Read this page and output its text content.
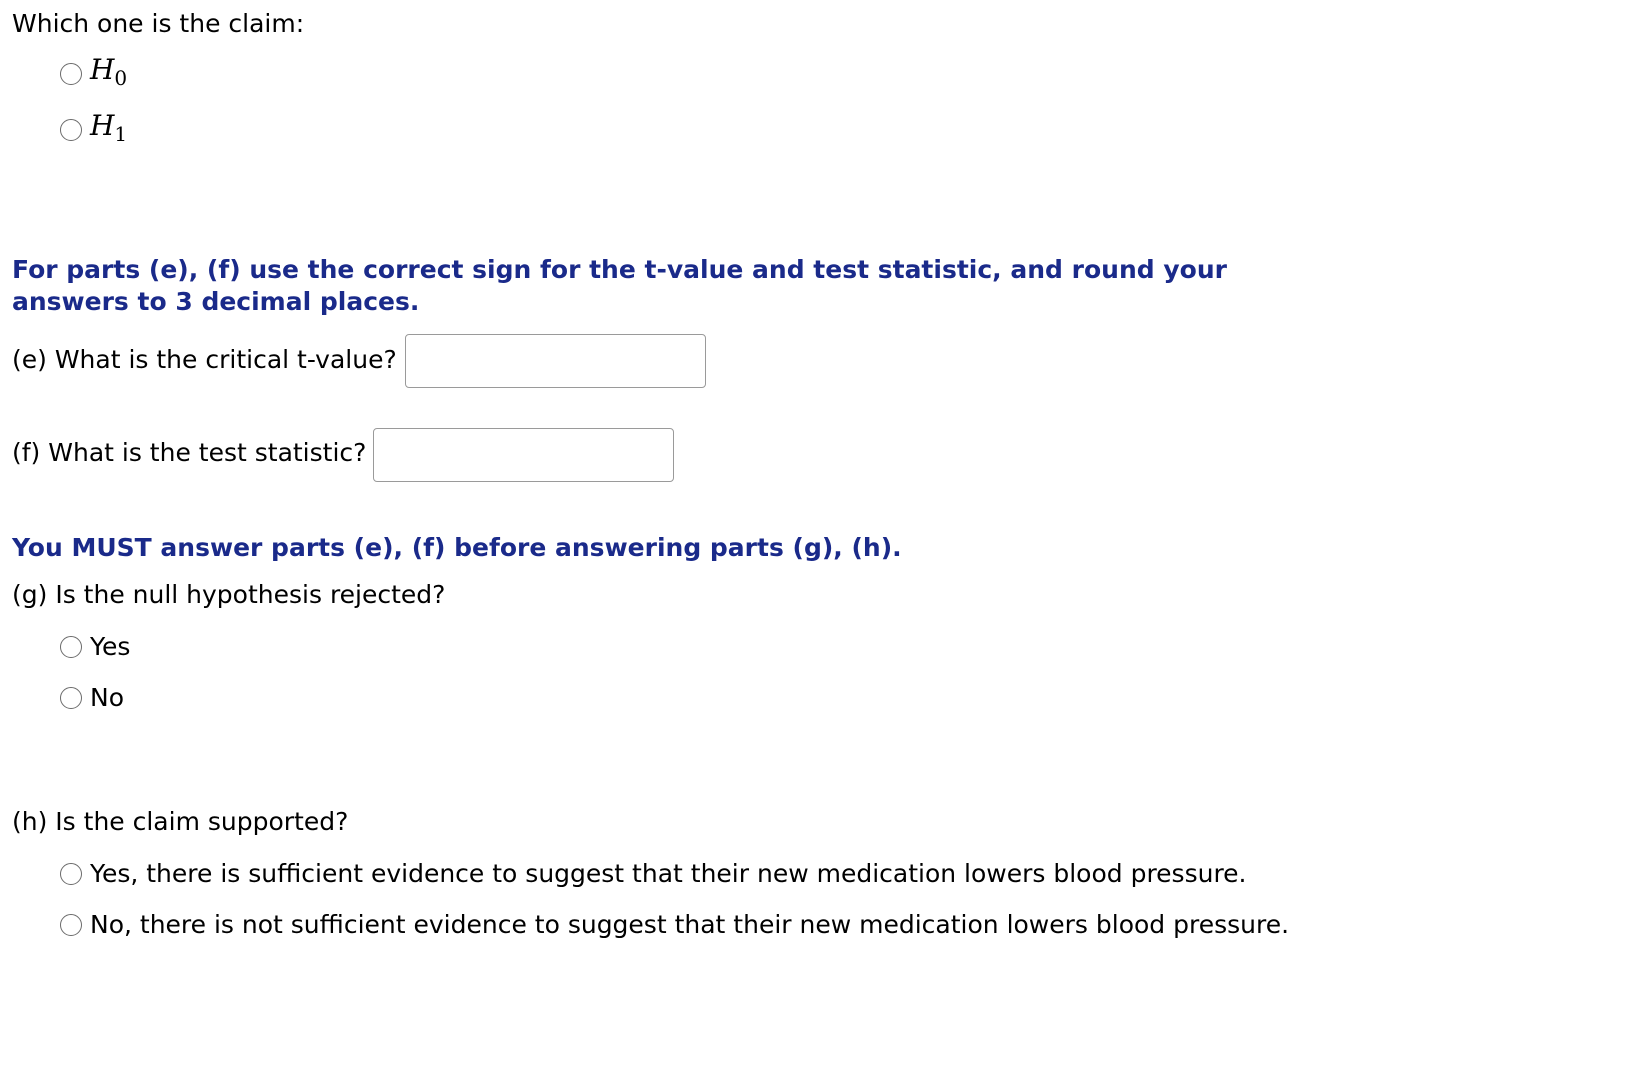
Which one is the claim:
$H_0$
$H_1$
For parts (e), (f) use the correct sign for the t-value and test statistic, and round your answers to 3 decimal places.
(e) What is the critical t-value?
(f) What is the test statistic?
You MUST answer parts (e), (f) before answering parts (g), (h).
(g) Is the null hypothesis rejected?
Yes
No
(h) Is the claim supported?
Yes, there is sufficient evidence to suggest that their new medication lowers blood pressure.
No, there is not sufficient evidence to suggest that their new medication lowers blood pressure.
